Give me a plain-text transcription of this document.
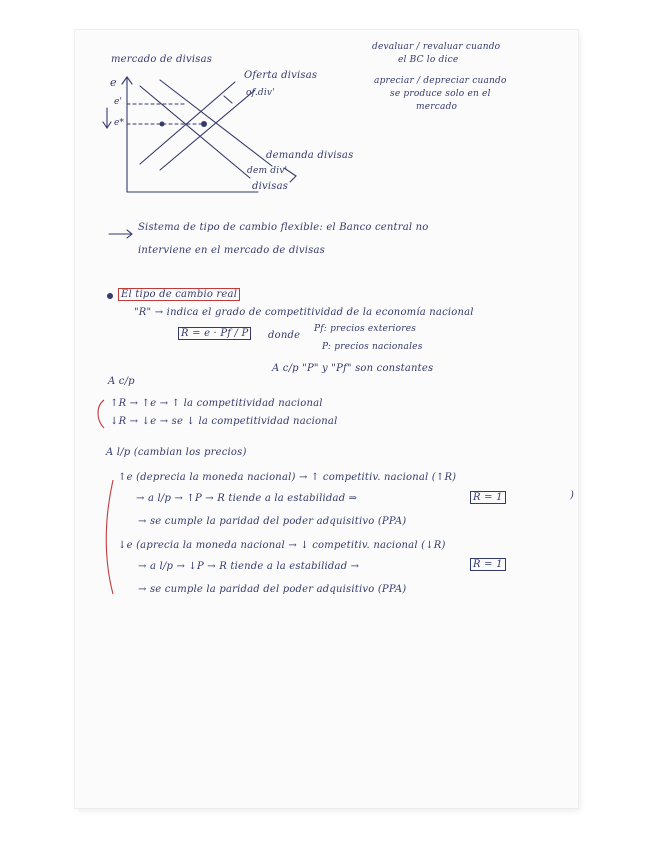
mercado de divisas
e
e'
e*
Oferta divisas
of.div'
demanda divisas
dem div'
divisas
devaluar / revaluar cuando
el BC lo dice
apreciar / depreciar cuando
se produce solo en el
mercado
Sistema de tipo de cambio flexible: el Banco central no
interviene en el mercado de divisas
El tipo de cambio real
"R" → indica el grado de competitividad de la economía nacional
R = e · Pf / P	donde
Pf: precios exteriores
P: precios nacionales
A c/p "P" y "Pf" son constantes
A c/p
↑R → ↑e → ↑ la competitividad nacional
↓R → ↓e → se ↓ la competitividad nacional
A l/p (cambian los precios)
↑e (deprecia la moneda nacional) → ↑ competitiv. nacional (↑R)
→ a l/p → ↑P → R tiende a la estabilidad ⇒	R = 1
→ se cumple la paridad del poder adquisitivo (PPA)
↓e (aprecia la moneda nacional → ↓ competitiv. nacional (↓R)
→ a l/p → ↓P → R tiende a la estabilidad →	R = 1
→ se cumple la paridad del poder adquisitivo (PPA)
)
